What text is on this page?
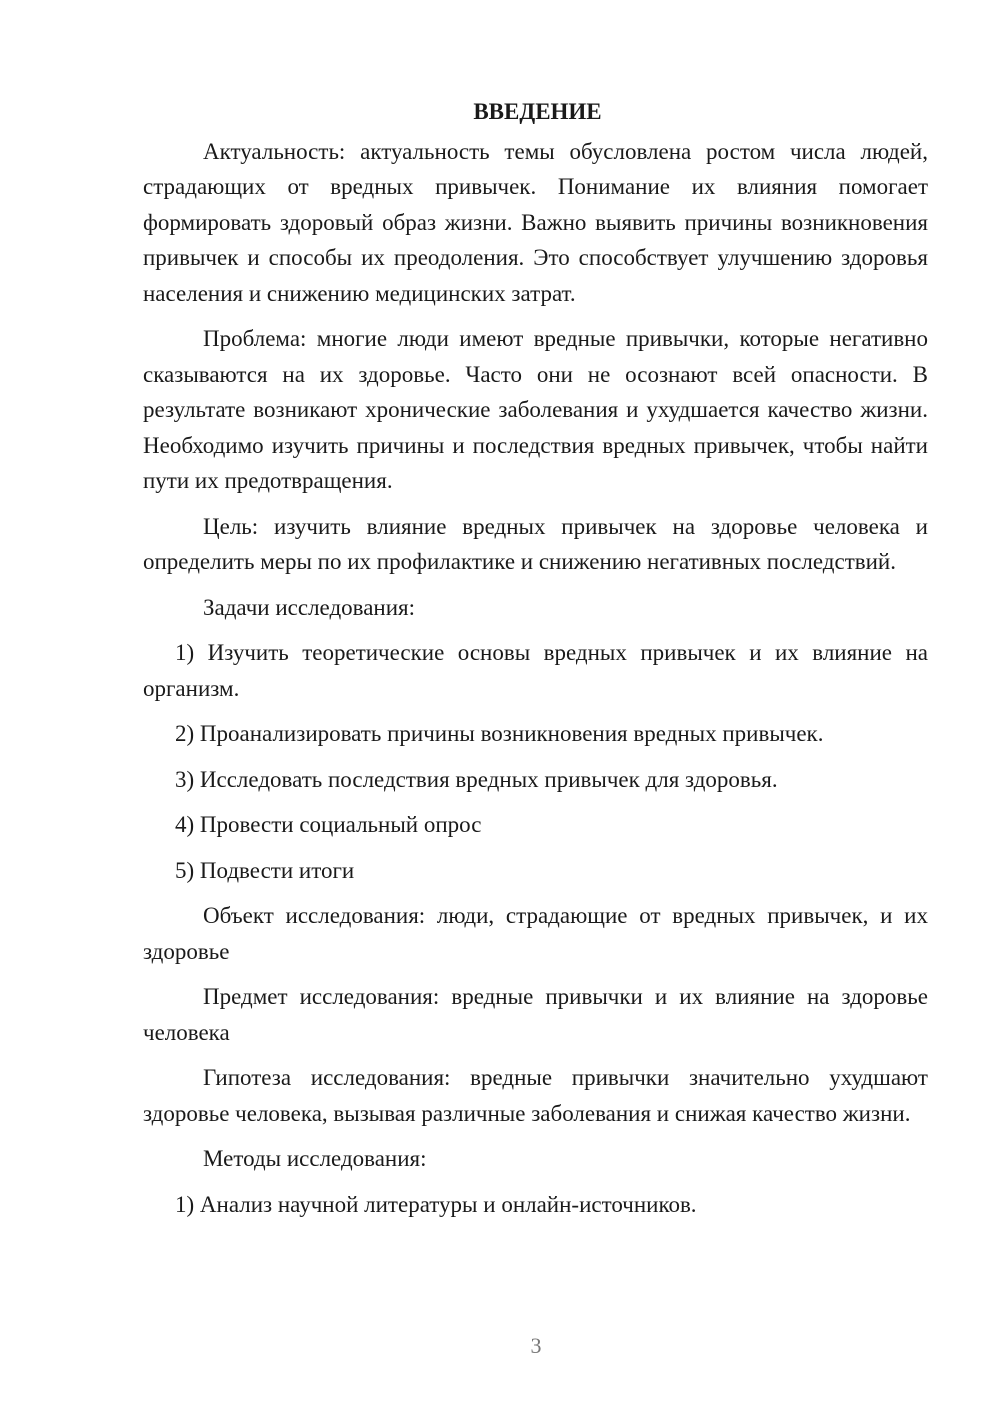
ВВЕДЕНИЕ

Актуальность: актуальность темы обусловлена ростом числа людей, страдающих от вредных привычек. Понимание их влияния помогает формировать здоровый образ жизни. Важно выявить причины возникновения привычек и способы их преодоления. Это способствует улучшению здоровья населения и снижению медицинских затрат.

Проблема: многие люди имеют вредные привычки, которые негативно сказываются на их здоровье. Часто они не осознают всей опасности. В результате возникают хронические заболевания и ухудшается качество жизни. Необходимо изучить причины и последствия вредных привычек, чтобы найти пути их предотвращения.

Цель: изучить влияние вредных привычек на здоровье человека и определить меры по их профилактике и снижению негативных последствий.

Задачи исследования:

1) Изучить теоретические основы вредных привычек и их влияние на организм.

2) Проанализировать причины возникновения вредных привычек.

3) Исследовать последствия вредных привычек для здоровья.

4) Провести социальный опрос

5) Подвести итоги

Объект исследования: люди, страдающие от вредных привычек, и их здоровье

Предмет исследования: вредные привычки и их влияние на здоровье человека

Гипотеза исследования: вредные привычки значительно ухудшают здоровье человека, вызывая различные заболевания и снижая качество жизни.

Методы исследования:

1) Анализ научной литературы и онлайн-источников.

3
